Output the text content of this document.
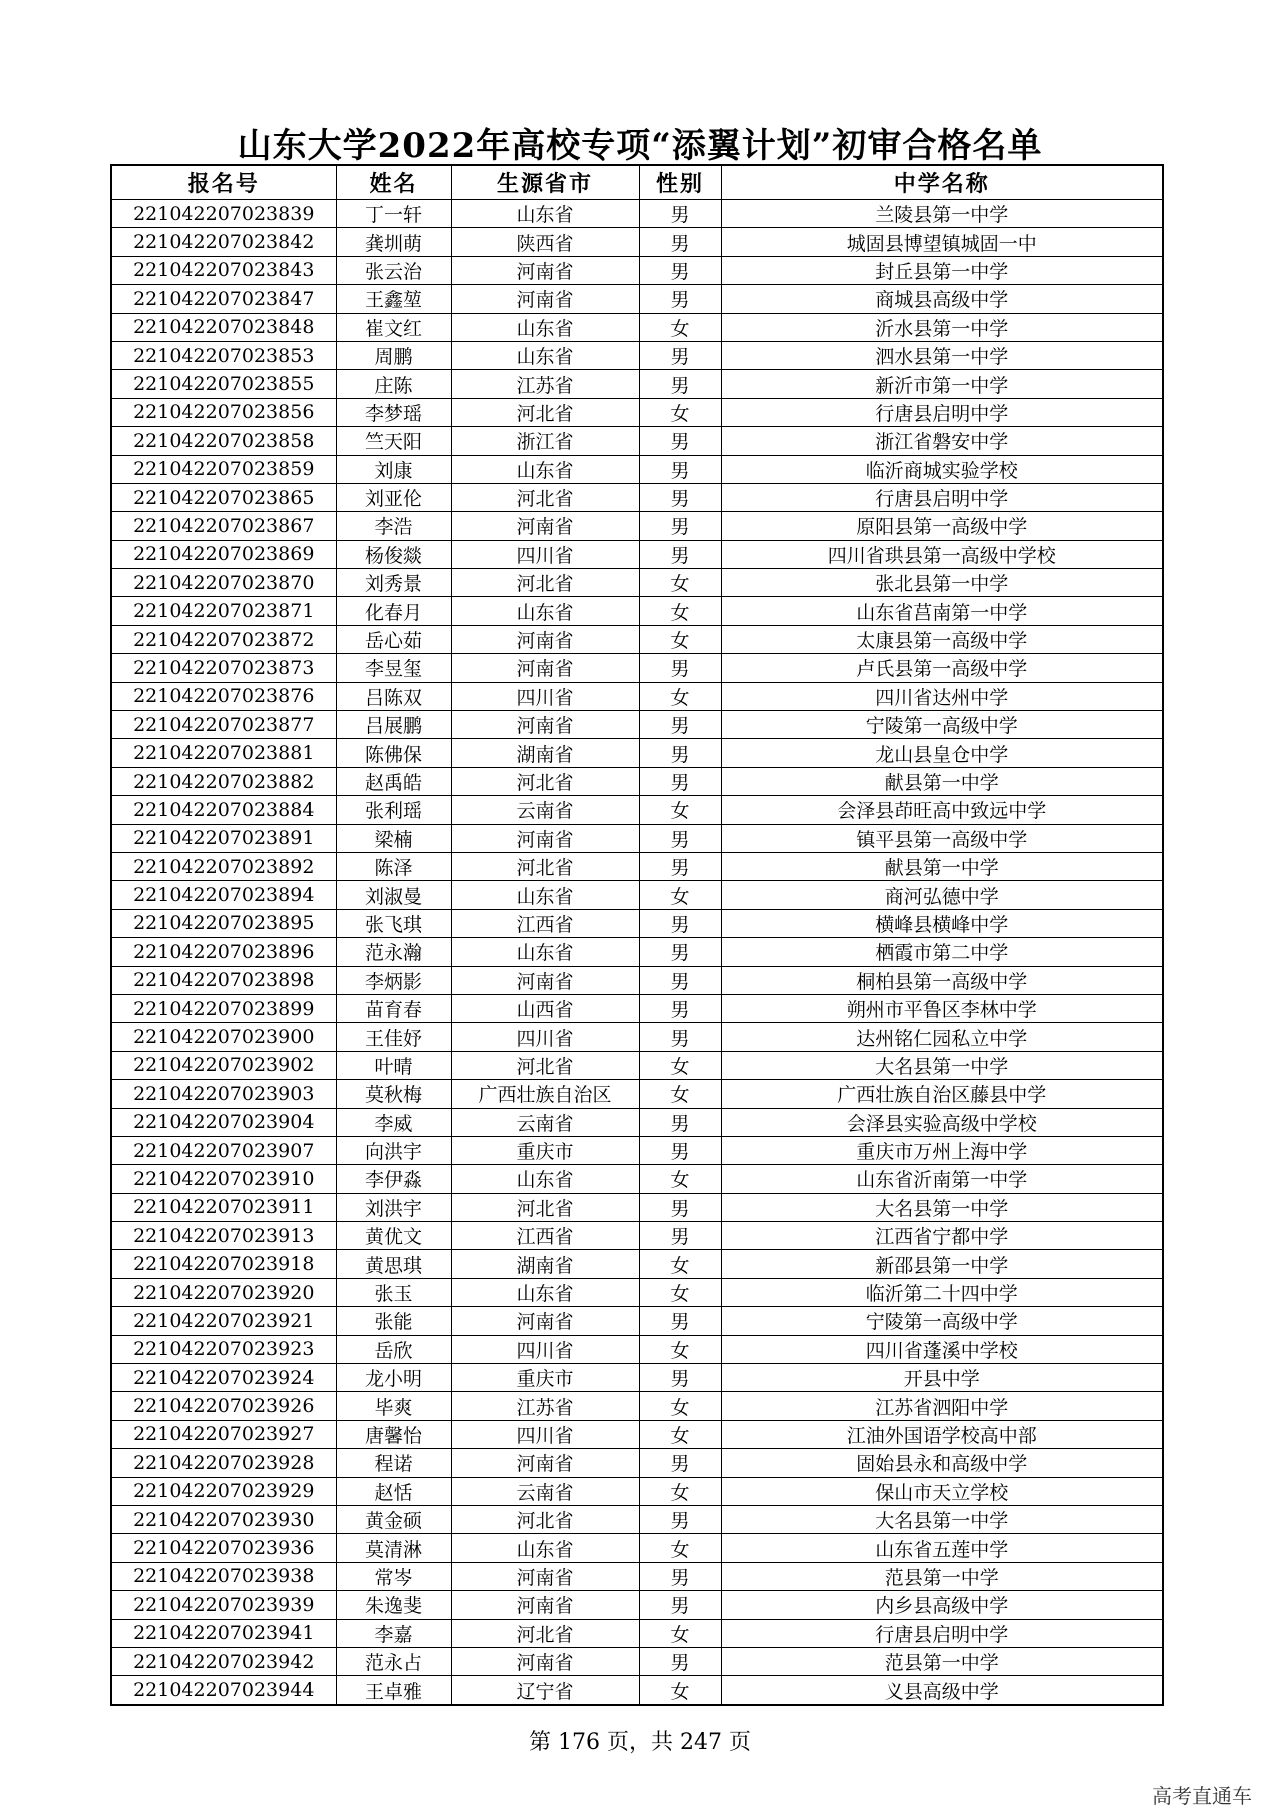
山东大学2022年高校专项“添翼计划”初审合格名单
报名号	姓名	生源省市	性别	中学名称
221042207023839	丁一轩	山东省	男	兰陵县第一中学
221042207023842	龚圳萌	陕西省	男	城固县博望镇城固一中
221042207023843	张云治	河南省	男	封丘县第一中学
221042207023847	王鑫堃	河南省	男	商城县高级中学
221042207023848	崔文红	山东省	女	沂水县第一中学
221042207023853	周鹏	山东省	男	泗水县第一中学
221042207023855	庄陈	江苏省	男	新沂市第一中学
221042207023856	李梦瑶	河北省	女	行唐县启明中学
221042207023858	竺天阳	浙江省	男	浙江省磐安中学
221042207023859	刘康	山东省	男	临沂商城实验学校
221042207023865	刘亚伦	河北省	男	行唐县启明中学
221042207023867	李浩	河南省	男	原阳县第一高级中学
221042207023869	杨俊燚	四川省	男	四川省珙县第一高级中学校
221042207023870	刘秀景	河北省	女	张北县第一中学
221042207023871	化春月	山东省	女	山东省莒南第一中学
221042207023872	岳心茹	河南省	女	太康县第一高级中学
221042207023873	李昱玺	河南省	男	卢氏县第一高级中学
221042207023876	吕陈双	四川省	女	四川省达州中学
221042207023877	吕展鹏	河南省	男	宁陵第一高级中学
221042207023881	陈佛保	湖南省	男	龙山县皇仓中学
221042207023882	赵禹皓	河北省	男	献县第一中学
221042207023884	张利瑶	云南省	女	会泽县茚旺高中致远中学
221042207023891	梁楠	河南省	男	镇平县第一高级中学
221042207023892	陈泽	河北省	男	献县第一中学
221042207023894	刘淑曼	山东省	女	商河弘德中学
221042207023895	张飞琪	江西省	男	横峰县横峰中学
221042207023896	范永瀚	山东省	男	栖霞市第二中学
221042207023898	李炳影	河南省	男	桐柏县第一高级中学
221042207023899	苗育春	山西省	男	朔州市平鲁区李林中学
221042207023900	王佳妤	四川省	男	达州铭仁园私立中学
221042207023902	叶晴	河北省	女	大名县第一中学
221042207023903	莫秋梅	广西壮族自治区	女	广西壮族自治区藤县中学
221042207023904	李威	云南省	男	会泽县实验高级中学校
221042207023907	向洪宇	重庆市	男	重庆市万州上海中学
221042207023910	李伊淼	山东省	女	山东省沂南第一中学
221042207023911	刘洪宇	河北省	男	大名县第一中学
221042207023913	黄优文	江西省	男	江西省宁都中学
221042207023918	黄思琪	湖南省	女	新邵县第一中学
221042207023920	张玉	山东省	女	临沂第二十四中学
221042207023921	张能	河南省	男	宁陵第一高级中学
221042207023923	岳欣	四川省	女	四川省蓬溪中学校
221042207023924	龙小明	重庆市	男	开县中学
221042207023926	毕爽	江苏省	女	江苏省泗阳中学
221042207023927	唐馨怡	四川省	女	江油外国语学校高中部
221042207023928	程诺	河南省	男	固始县永和高级中学
221042207023929	赵恬	云南省	女	保山市天立学校
221042207023930	黄金硕	河北省	男	大名县第一中学
221042207023936	莫清淋	山东省	女	山东省五莲中学
221042207023938	常岑	河南省	男	范县第一中学
221042207023939	朱逸斐	河南省	男	内乡县高级中学
221042207023941	李嘉	河北省	女	行唐县启明中学
221042207023942	范永占	河南省	男	范县第一中学
221042207023944	王卓雅	辽宁省	女	义县高级中学
第 176 页，共 247 页
高考直通车
